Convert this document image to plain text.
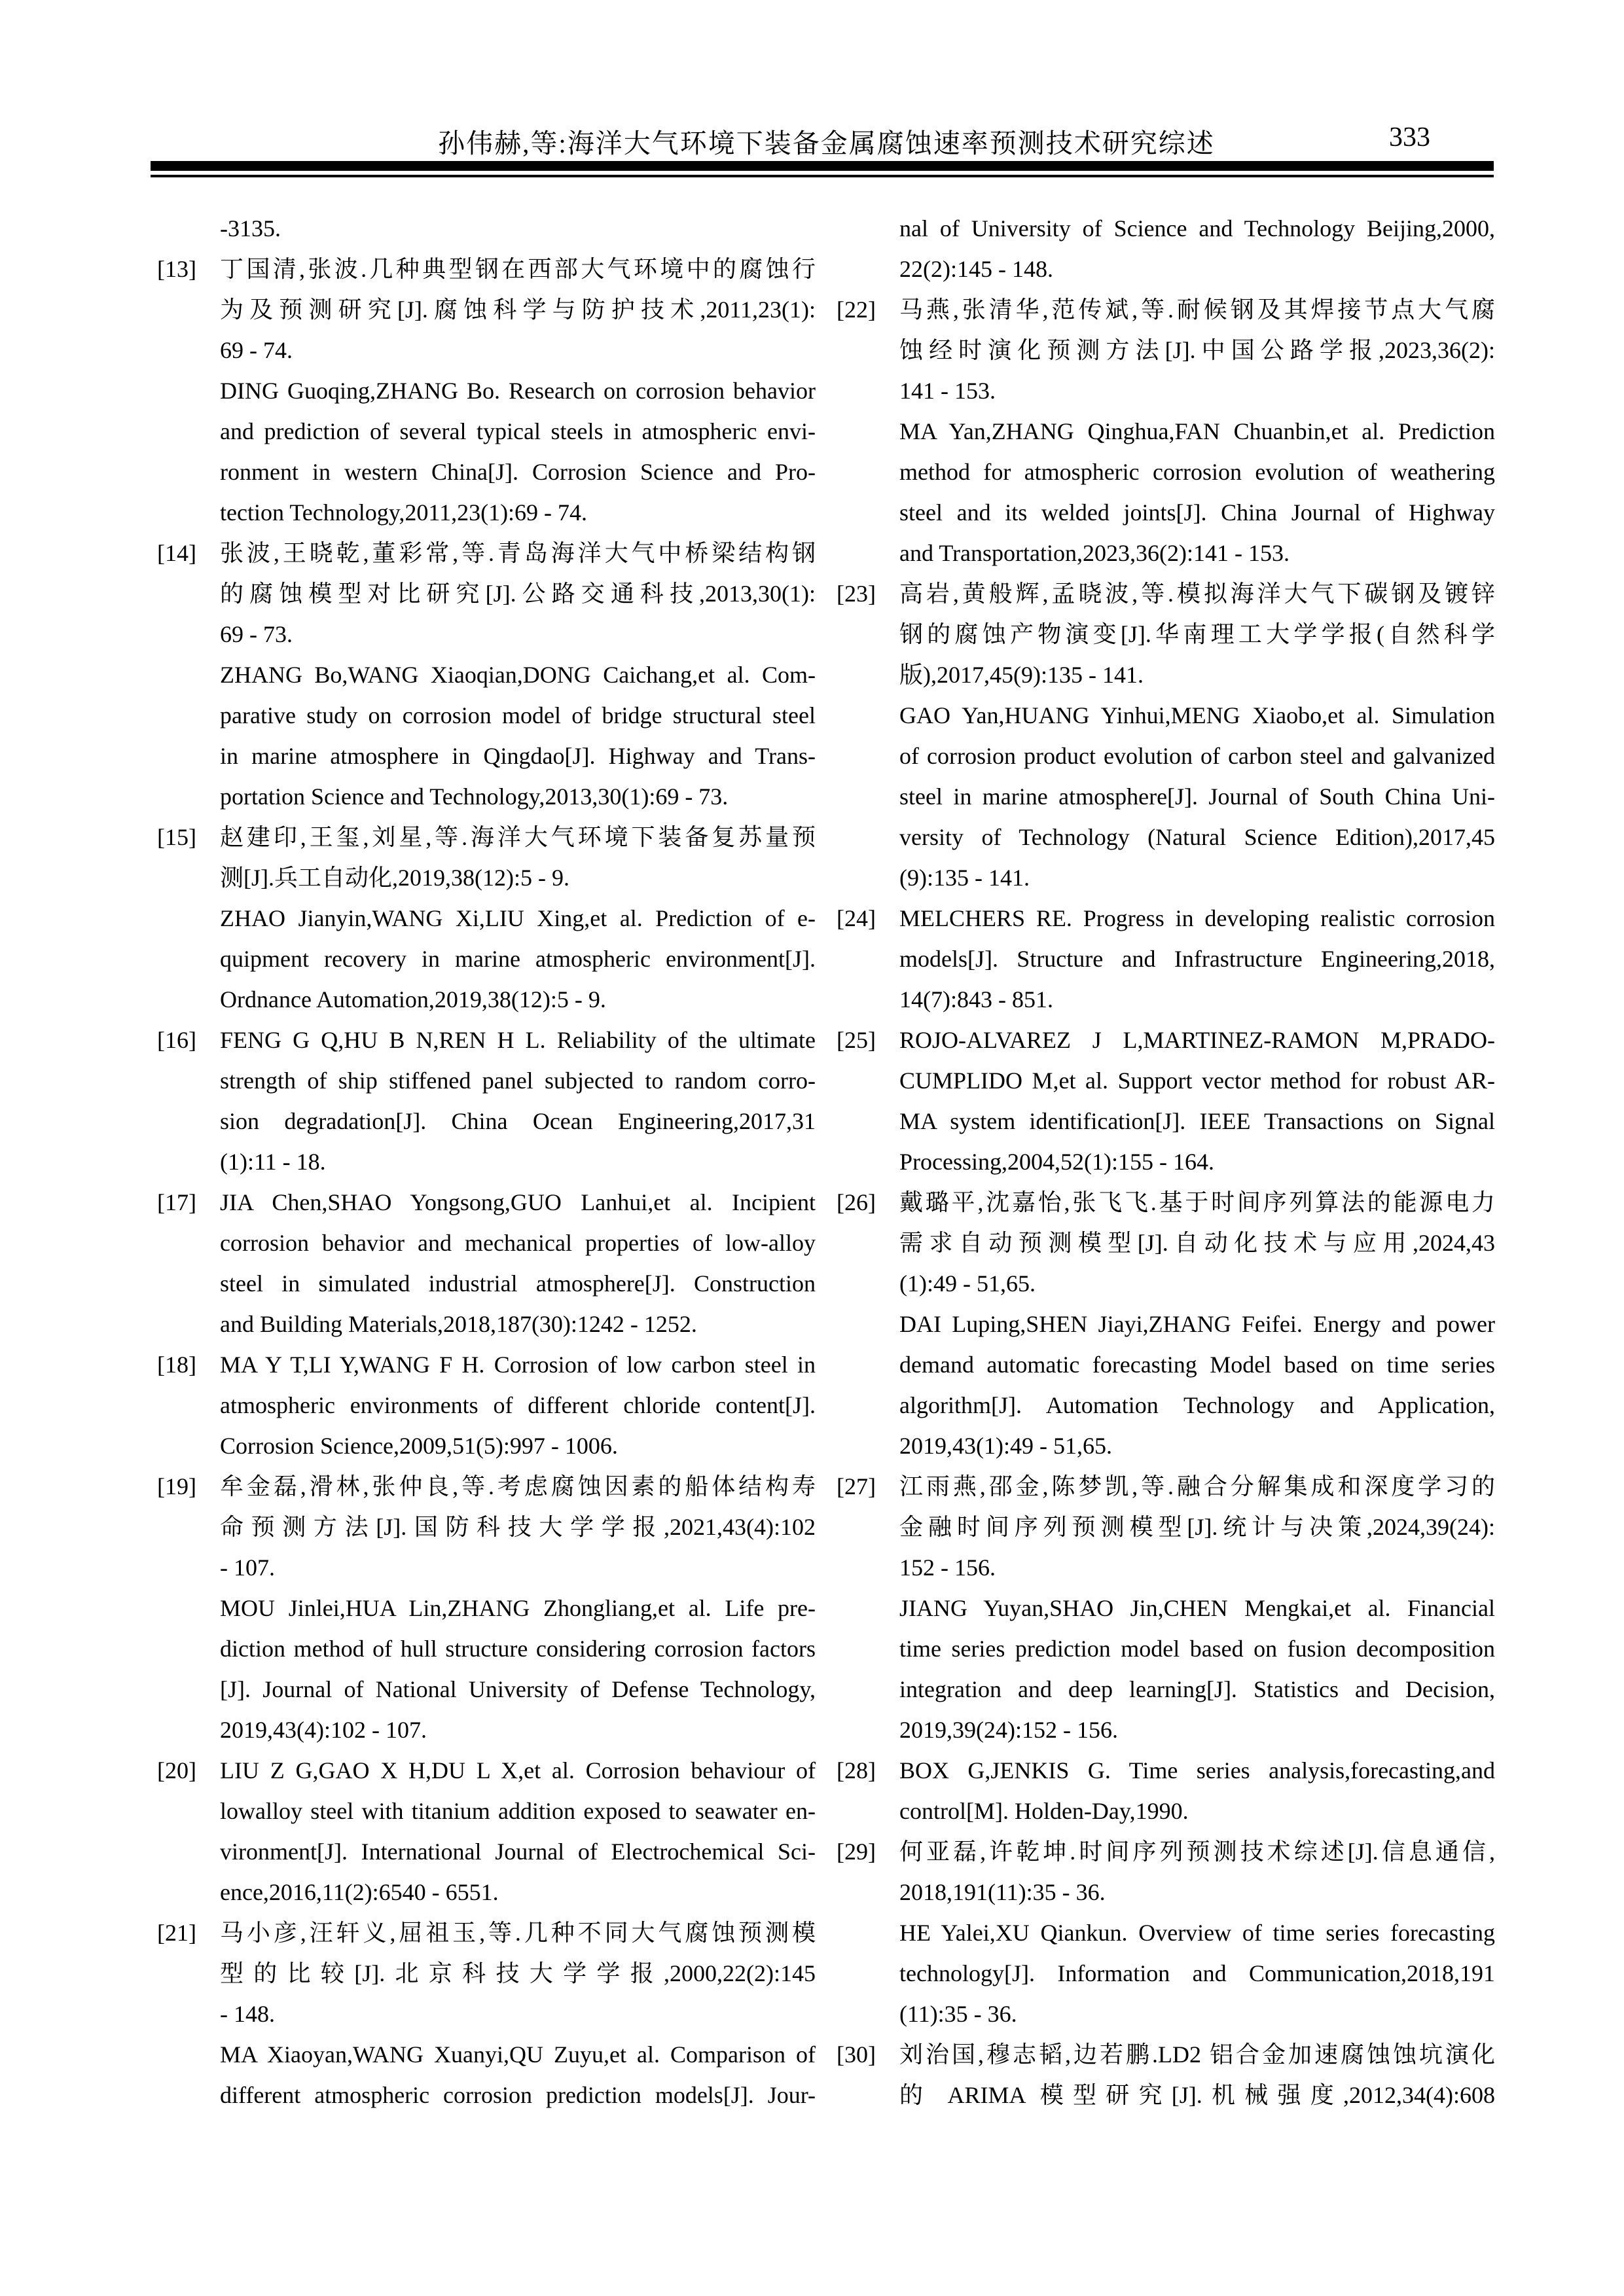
孙伟赫,等:海洋大气环境下装备金属腐蚀速率预测技术研究综述	333
-3135.
[13] 丁国清,张波.几种典型钢在西部大气环境中的腐蚀行
为及预测研究[J].腐蚀科学与防护技术,2011,23(1):
69 - 74.
DING Guoqing,ZHANG Bo. Research on corrosion behavior
and prediction of several typical steels in atmospheric envi-
ronment in western China[J]. Corrosion Science and Pro-
tection Technology,2011,23(1):69 - 74.
[14] 张波,王晓乾,董彩常,等.青岛海洋大气中桥梁结构钢
的腐蚀模型对比研究[J].公路交通科技,2013,30(1):
69 - 73.
ZHANG Bo,WANG Xiaoqian,DONG Caichang,et al. Com-
parative study on corrosion model of bridge structural steel
in marine atmosphere in Qingdao[J]. Highway and Trans-
portation Science and Technology,2013,30(1):69 - 73.
[15] 赵建印,王玺,刘星,等.海洋大气环境下装备复苏量预
测[J].兵工自动化,2019,38(12):5 - 9.
ZHAO Jianyin,WANG Xi,LIU Xing,et al. Prediction of e-
quipment recovery in marine atmospheric environment[J].
Ordnance Automation,2019,38(12):5 - 9.
[16] FENG G Q,HU B N,REN H L. Reliability of the ultimate
strength of ship stiffened panel subjected to random corro-
sion degradation[J]. China Ocean Engineering,2017,31
(1):11 - 18.
[17] JIA Chen,SHAO Yongsong,GUO Lanhui,et al. Incipient
corrosion behavior and mechanical properties of low-alloy
steel in simulated industrial atmosphere[J]. Construction
and Building Materials,2018,187(30):1242 - 1252.
[18] MA Y T,LI Y,WANG F H. Corrosion of low carbon steel in
atmospheric environments of different chloride content[J].
Corrosion Science,2009,51(5):997 - 1006.
[19] 牟金磊,滑林,张仲良,等.考虑腐蚀因素的船体结构寿
命预测方法[J].国防科技大学学报,2021,43(4):102
- 107.
MOU Jinlei,HUA Lin,ZHANG Zhongliang,et al. Life pre-
diction method of hull structure considering corrosion factors
[J]. Journal of National University of Defense Technology,
2019,43(4):102 - 107.
[20] LIU Z G,GAO X H,DU L X,et al. Corrosion behaviour of
lowalloy steel with titanium addition exposed to seawater en-
vironment[J]. International Journal of Electrochemical Sci-
ence,2016,11(2):6540 - 6551.
[21] 马小彦,汪轩义,屈祖玉,等.几种不同大气腐蚀预测模
型的比较[J].北京科技大学学报,2000,22(2):145
- 148.
MA Xiaoyan,WANG Xuanyi,QU Zuyu,et al. Comparison of
different atmospheric corrosion prediction models[J]. Jour-
nal of University of Science and Technology Beijing,2000,
22(2):145 - 148.
[22] 马燕,张清华,范传斌,等.耐候钢及其焊接节点大气腐
蚀经时演化预测方法[J].中国公路学报,2023,36(2):
141 - 153.
MA Yan,ZHANG Qinghua,FAN Chuanbin,et al. Prediction
method for atmospheric corrosion evolution of weathering
steel and its welded joints[J]. China Journal of Highway
and Transportation,2023,36(2):141 - 153.
[23] 高岩,黄般辉,孟晓波,等.模拟海洋大气下碳钢及镀锌
钢的腐蚀产物演变[J].华南理工大学学报(自然科学
版),2017,45(9):135 - 141.
GAO Yan,HUANG Yinhui,MENG Xiaobo,et al. Simulation
of corrosion product evolution of carbon steel and galvanized
steel in marine atmosphere[J]. Journal of South China Uni-
versity of Technology (Natural Science Edition),2017,45
(9):135 - 141.
[24] MELCHERS RE. Progress in developing realistic corrosion
models[J]. Structure and Infrastructure Engineering,2018,
14(7):843 - 851.
[25] ROJO-ALVAREZ J L,MARTINEZ-RAMON M,PRADO-
CUMPLIDO M,et al. Support vector method for robust AR-
MA system identification[J]. IEEE Transactions on Signal
Processing,2004,52(1):155 - 164.
[26] 戴璐平,沈嘉怡,张飞飞.基于时间序列算法的能源电力
需求自动预测模型[J].自动化技术与应用,2024,43
(1):49 - 51,65.
DAI Luping,SHEN Jiayi,ZHANG Feifei. Energy and power
demand automatic forecasting Model based on time series
algorithm[J]. Automation Technology and Application,
2019,43(1):49 - 51,65.
[27] 江雨燕,邵金,陈梦凯,等.融合分解集成和深度学习的
金融时间序列预测模型[J].统计与决策,2024,39(24):
152 - 156.
JIANG Yuyan,SHAO Jin,CHEN Mengkai,et al. Financial
time series prediction model based on fusion decomposition
integration and deep learning[J]. Statistics and Decision,
2019,39(24):152 - 156.
[28] BOX G,JENKIS G. Time series analysis,forecasting,and
control[M]. Holden-Day,1990.
[29] 何亚磊,许乾坤.时间序列预测技术综述[J].信息通信,
2018,191(11):35 - 36.
HE Yalei,XU Qiankun. Overview of time series forecasting
technology[J]. Information and Communication,2018,191
(11):35 - 36.
[30] 刘治国,穆志韬,边若鹏.LD2 铝合金加速腐蚀蚀坑演化
的 ARIMA 模型研究[J].机械强度,2012,34(4):608
